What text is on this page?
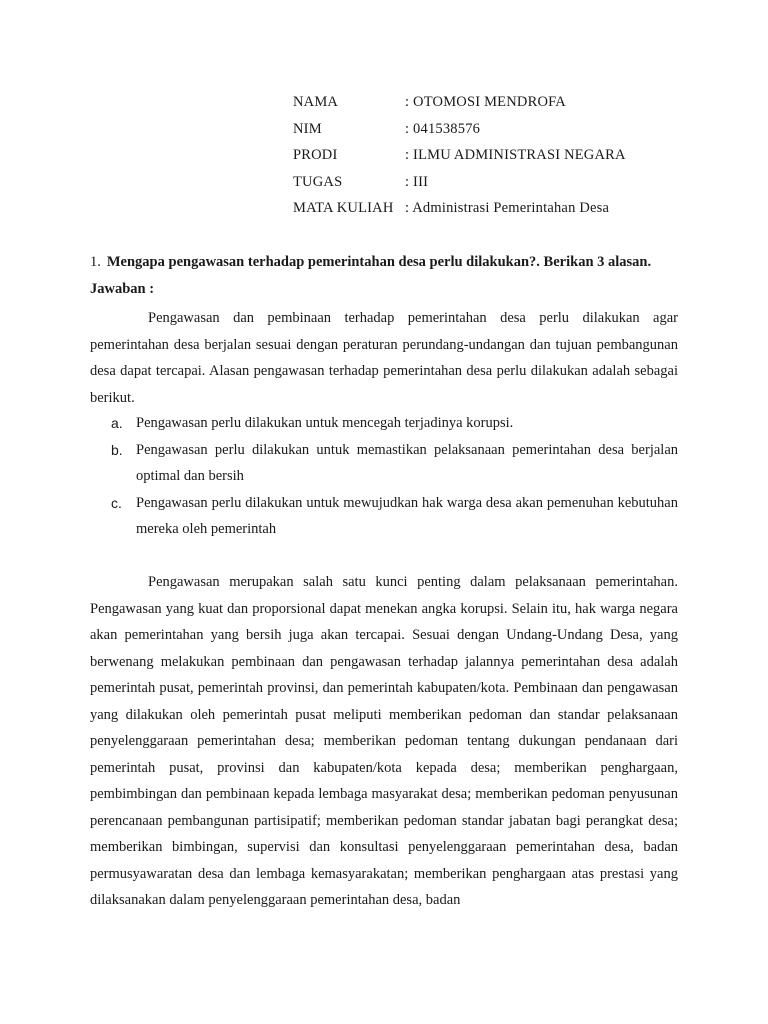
NAMA	: OTOMOSI MENDROFA
NIM	: 041538576
PRODI	: ILMU ADMINISTRASI NEGARA
TUGAS	: III
MATA KULIAH : Administrasi Pemerintahan Desa
1. Mengapa pengawasan terhadap pemerintahan desa perlu dilakukan?. Berikan 3 alasan.
Jawaban :

Pengawasan dan pembinaan terhadap pemerintahan desa perlu dilakukan agar pemerintahan desa berjalan sesuai dengan peraturan perundang-undangan dan tujuan pembangunan desa dapat tercapai. Alasan pengawasan terhadap pemerintahan desa perlu dilakukan adalah sebagai berikut.

a. Pengawasan perlu dilakukan untuk mencegah terjadinya korupsi.
b. Pengawasan perlu dilakukan untuk memastikan pelaksanaan pemerintahan desa berjalan optimal dan bersih
c. Pengawasan perlu dilakukan untuk mewujudkan hak warga desa akan pemenuhan kebutuhan mereka oleh pemerintah

Pengawasan merupakan salah satu kunci penting dalam pelaksanaan pemerintahan. Pengawasan yang kuat dan proporsional dapat menekan angka korupsi. Selain itu, hak warga negara akan pemerintahan yang bersih juga akan tercapai. Sesuai dengan Undang-Undang Desa, yang berwenang melakukan pembinaan dan pengawasan terhadap jalannya pemerintahan desa adalah pemerintah pusat, pemerintah provinsi, dan pemerintah kabupaten/kota. Pembinaan dan pengawasan yang dilakukan oleh pemerintah pusat meliputi memberikan pedoman dan standar pelaksanaan penyelenggaraan pemerintahan desa; memberikan pedoman tentang dukungan pendanaan dari pemerintah pusat, provinsi dan kabupaten/kota kepada desa; memberikan penghargaan, pembimbingan dan pembinaan kepada lembaga masyarakat desa; memberikan pedoman penyusunan perencanaan pembangunan partisipatif; memberikan pedoman standar jabatan bagi perangkat desa; memberikan bimbingan, supervisi dan konsultasi penyelenggaraan pemerintahan desa, badan permusyawaratan desa dan lembaga kemasyarakatan; memberikan penghargaan atas prestasi yang dilaksanakan dalam penyelenggaraan pemerintahan desa, badan
